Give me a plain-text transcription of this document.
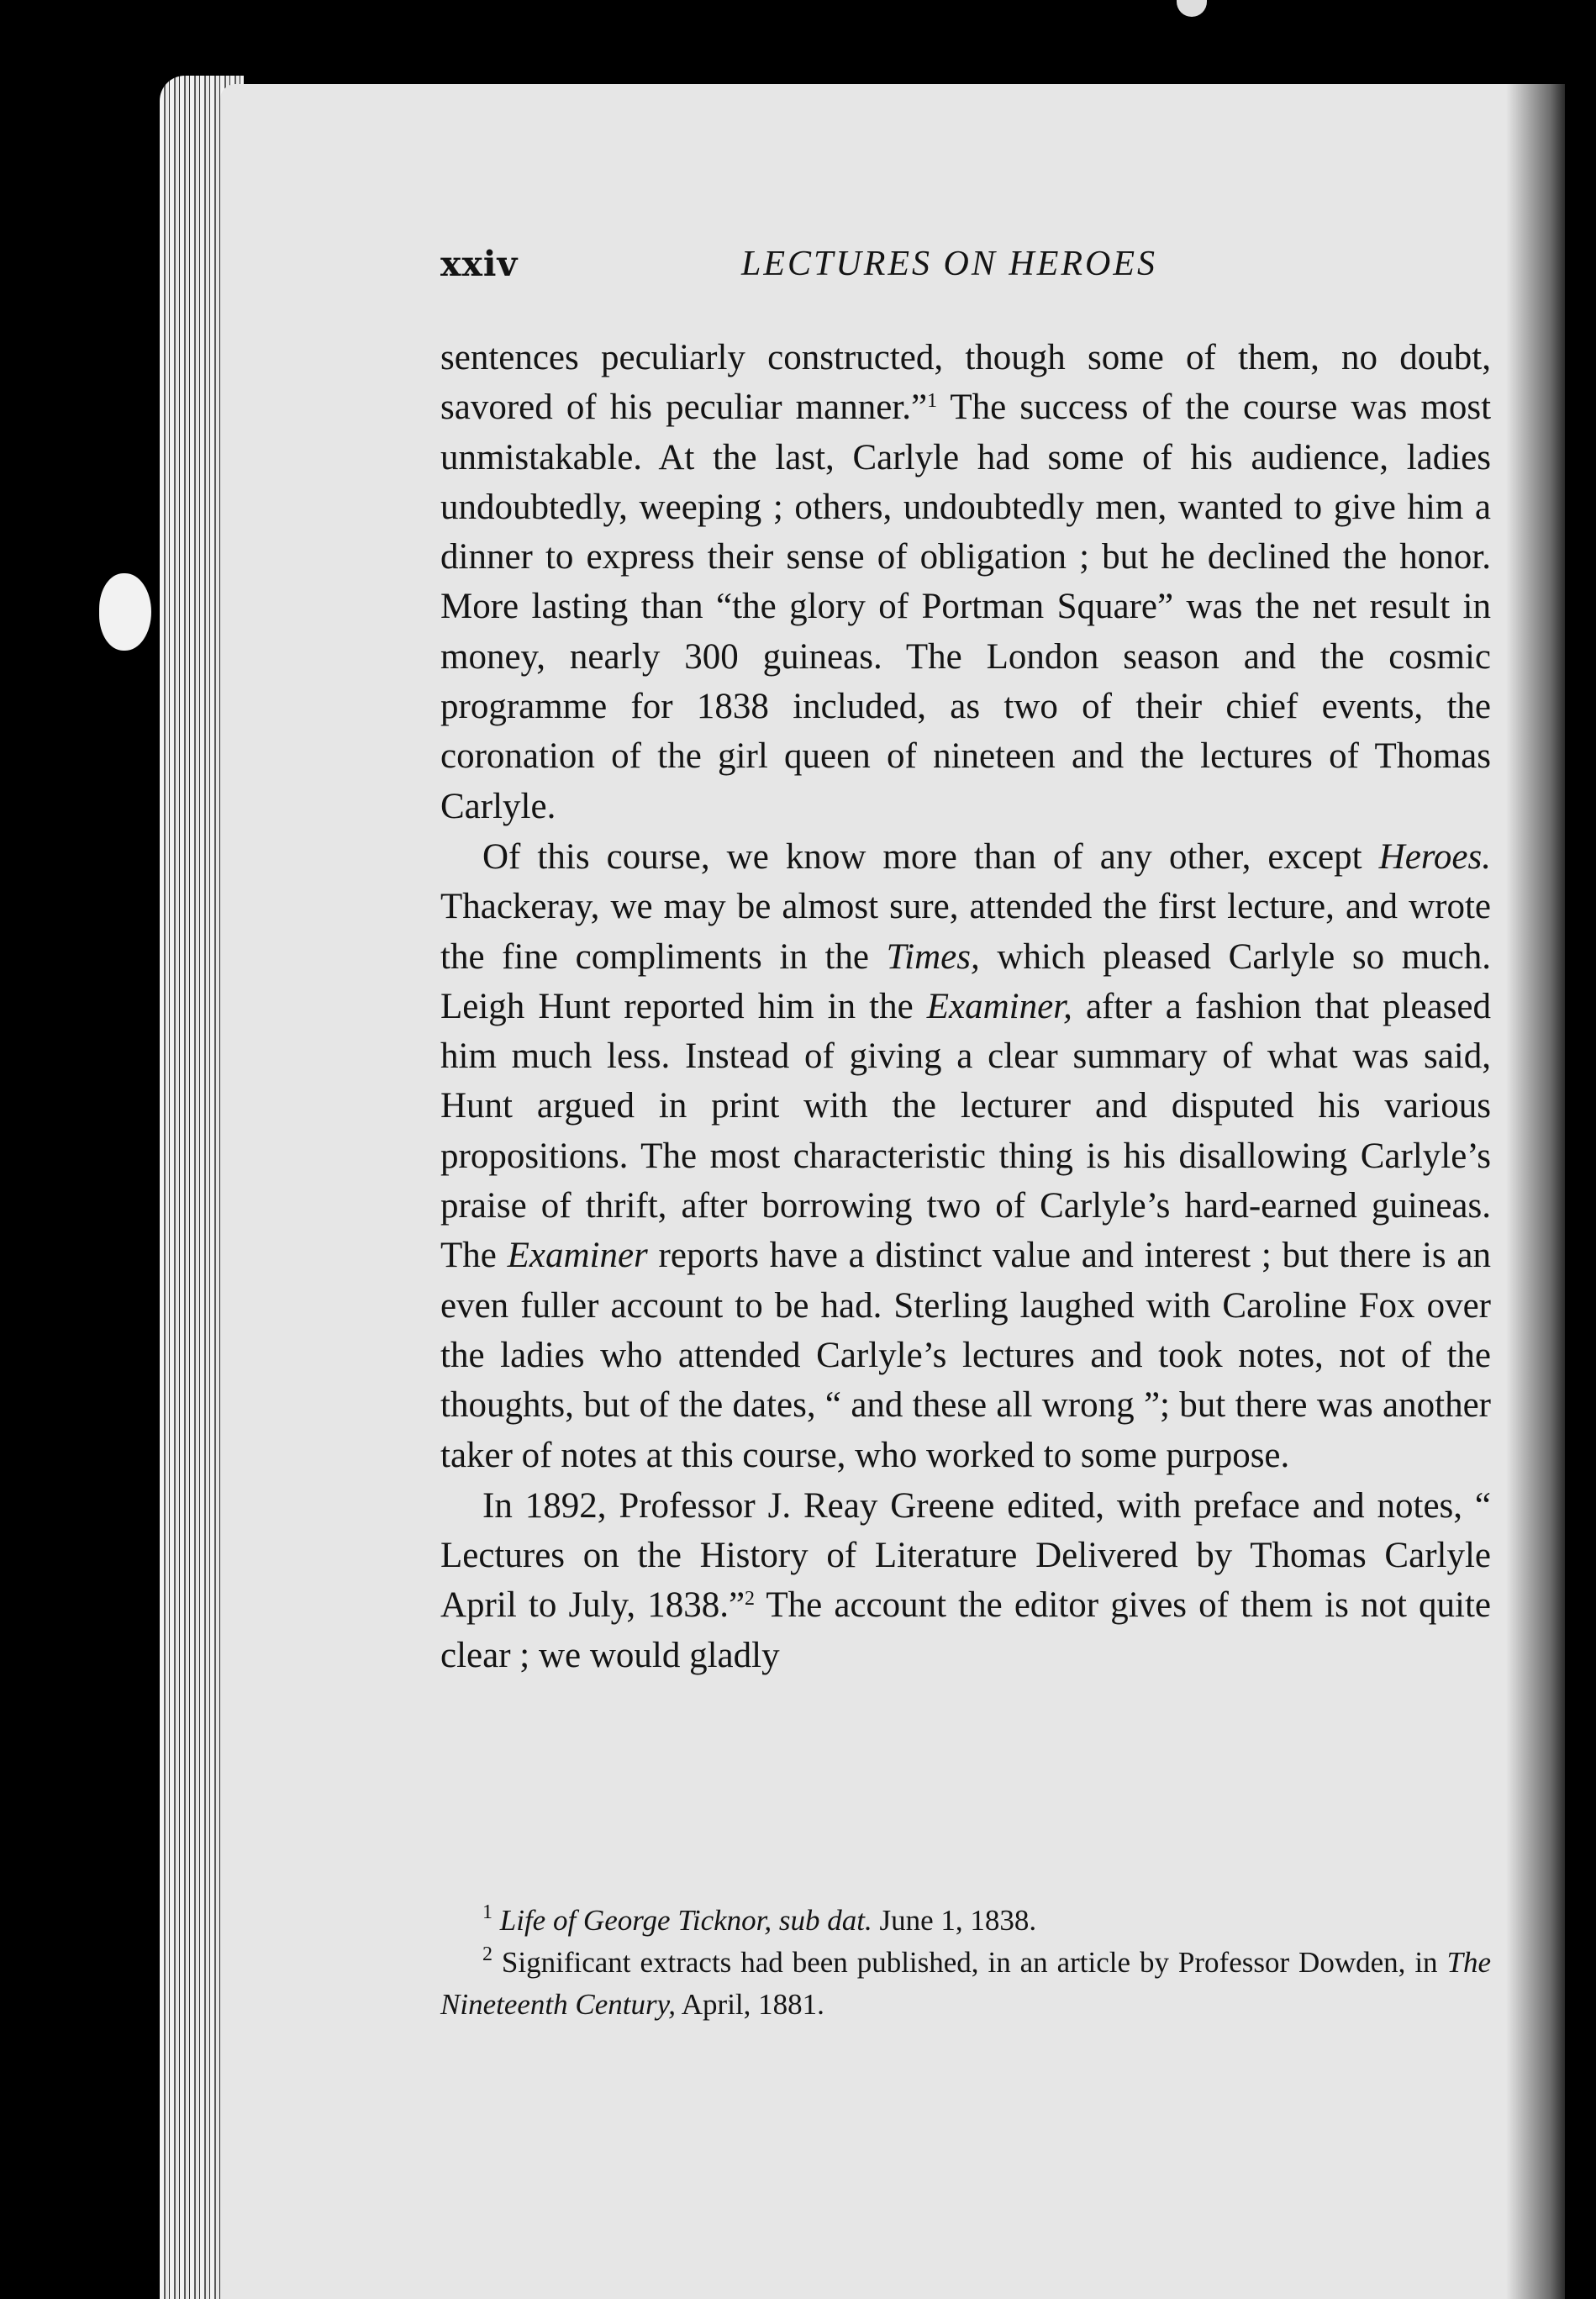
xxiv	LECTURES ON HEROES

sentences peculiarly constructed, though some of them, no doubt, savored of his peculiar manner.”$^1$ The success of the course was most unmistakable. At the last, Carlyle had some of his audience, ladies undoubtedly, weeping ; others, undoubtedly men, wanted to give him a dinner to express their sense of obligation ; but he declined the honor. More lasting than “the glory of Portman Square” was the net result in money, nearly 300 guineas. The London season and the cosmic programme for 1838 included, as two of their chief events, the coronation of the girl queen of nineteen and the lectures of Thomas Carlyle.

Of this course, we know more than of any other, except Heroes. Thackeray, we may be almost sure, attended the first lecture, and wrote the fine compliments in the Times, which pleased Carlyle so much. Leigh Hunt reported him in the Examiner, after a fashion that pleased him much less. Instead of giving a clear summary of what was said, Hunt argued in print with the lecturer and disputed his various propositions. The most characteristic thing is his disallowing Carlyle’s praise of thrift, after borrowing two of Carlyle’s hard-earned guineas. The Examiner reports have a distinct value and interest ; but there is an even fuller account to be had. Sterling laughed with Caroline Fox over the ladies who attended Carlyle’s lectures and took notes, not of the thoughts, but of the dates, “ and these all wrong ”; but there was another taker of notes at this course, who worked to some purpose.

In 1892, Professor J. Reay Greene edited, with preface and notes, “ Lectures on the History of Literature Delivered by Thomas Carlyle April to July, 1838.”$^2$ The account the editor gives of them is not quite clear ; we would gladly

$^1$ Life of George Ticknor, sub dat. June 1, 1838.

$^2$ Significant extracts had been published, in an article by Professor Dowden, in The Nineteenth Century, April, 1881.
